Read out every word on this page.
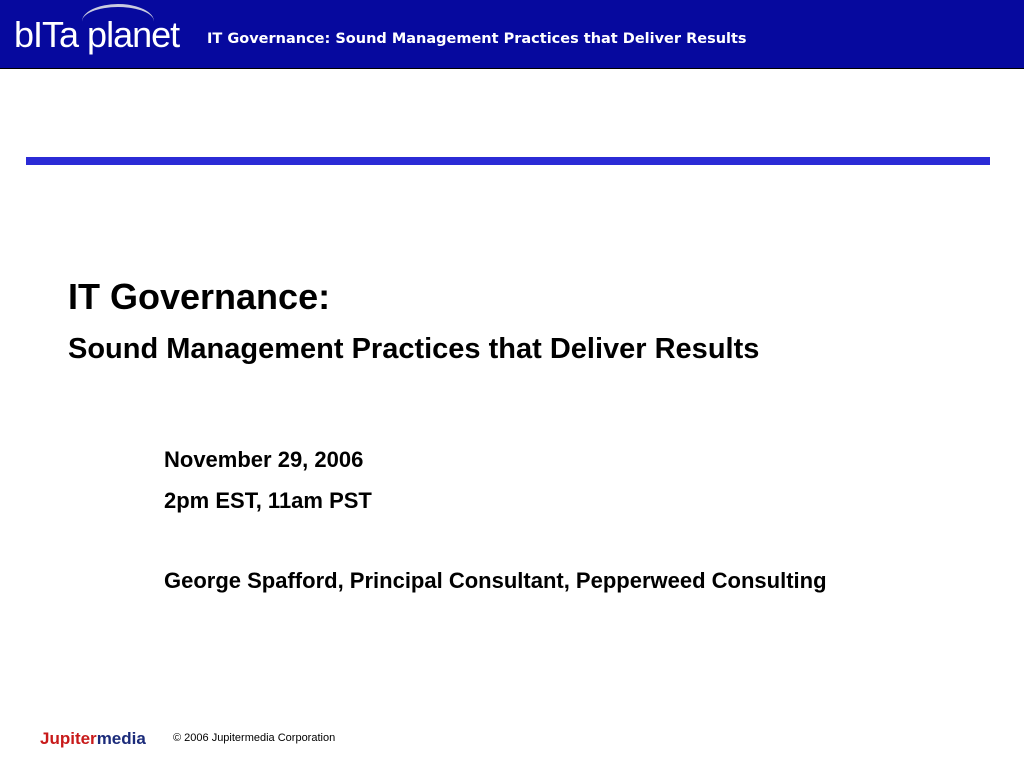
bITa planet IT Governance: Sound Management Practices that Deliver Results
IT Governance:
Sound Management Practices that Deliver Results
November 29, 2006
2pm EST, 11am PST
George Spafford, Principal Consultant, Pepperweed Consulting
Jupitermedia © 2006 Jupitermedia Corporation
